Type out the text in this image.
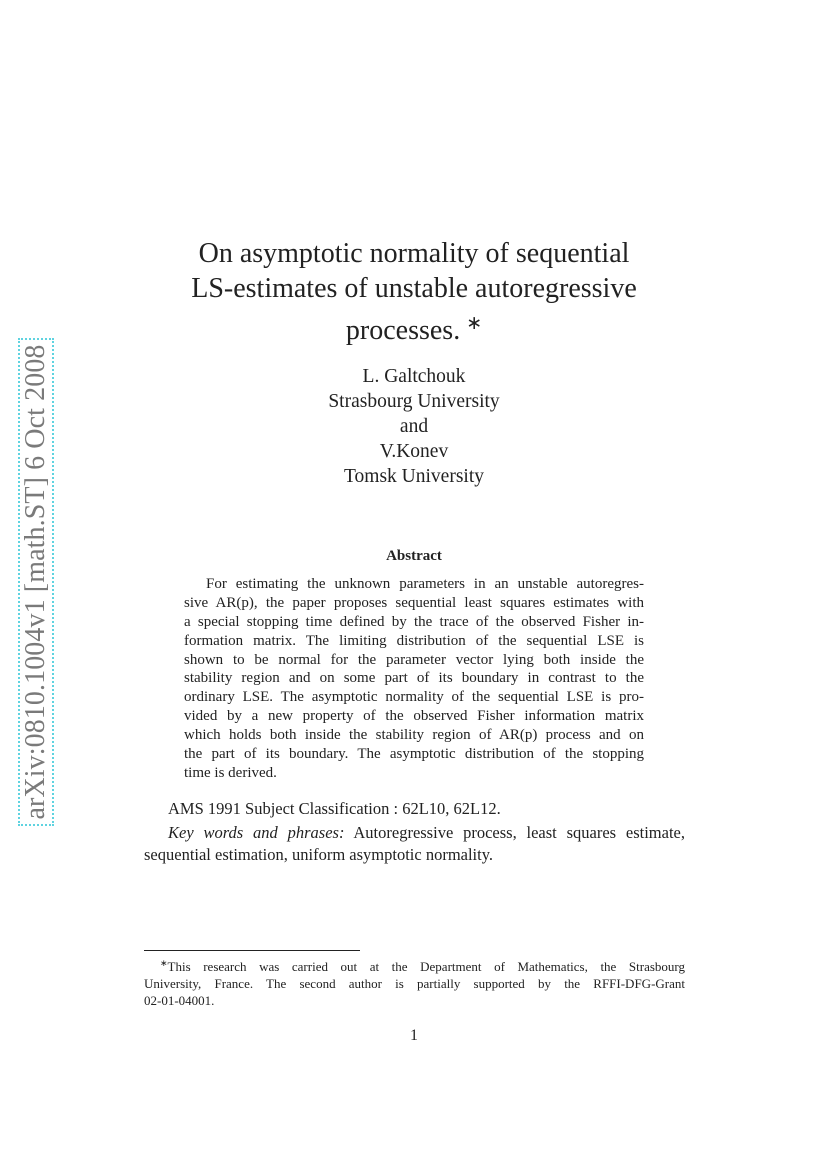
arXiv:0810.1004v1 [math.ST] 6 Oct 2008
On asymptotic normality of sequential
LS-estimates of unstable autoregressive
processes. ∗
L. Galtchouk
Strasbourg University
and
V.Konev
Tomsk University
Abstract
For estimating the unknown parameters in an unstable autoregres-
sive AR(p), the paper proposes sequential least squares estimates with
a special stopping time defined by the trace of the observed Fisher in-
formation matrix. The limiting distribution of the sequential LSE is
shown to be normal for the parameter vector lying both inside the
stability region and on some part of its boundary in contrast to the
ordinary LSE. The asymptotic normality of the sequential LSE is pro-
vided by a new property of the observed Fisher information matrix
which holds both inside the stability region of AR(p) process and on
the part of its boundary. The asymptotic distribution of the stopping
time is derived.
AMS 1991 Subject Classification : 62L10, 62L12.
Key words and phrases: Autoregressive process, least squares estimate,
sequential estimation, uniform asymptotic normality.
∗This research was carried out at the Department of Mathematics, the Strasbourg
University, France. The second author is partially supported by the RFFI-DFG-Grant
02-01-04001.
1
